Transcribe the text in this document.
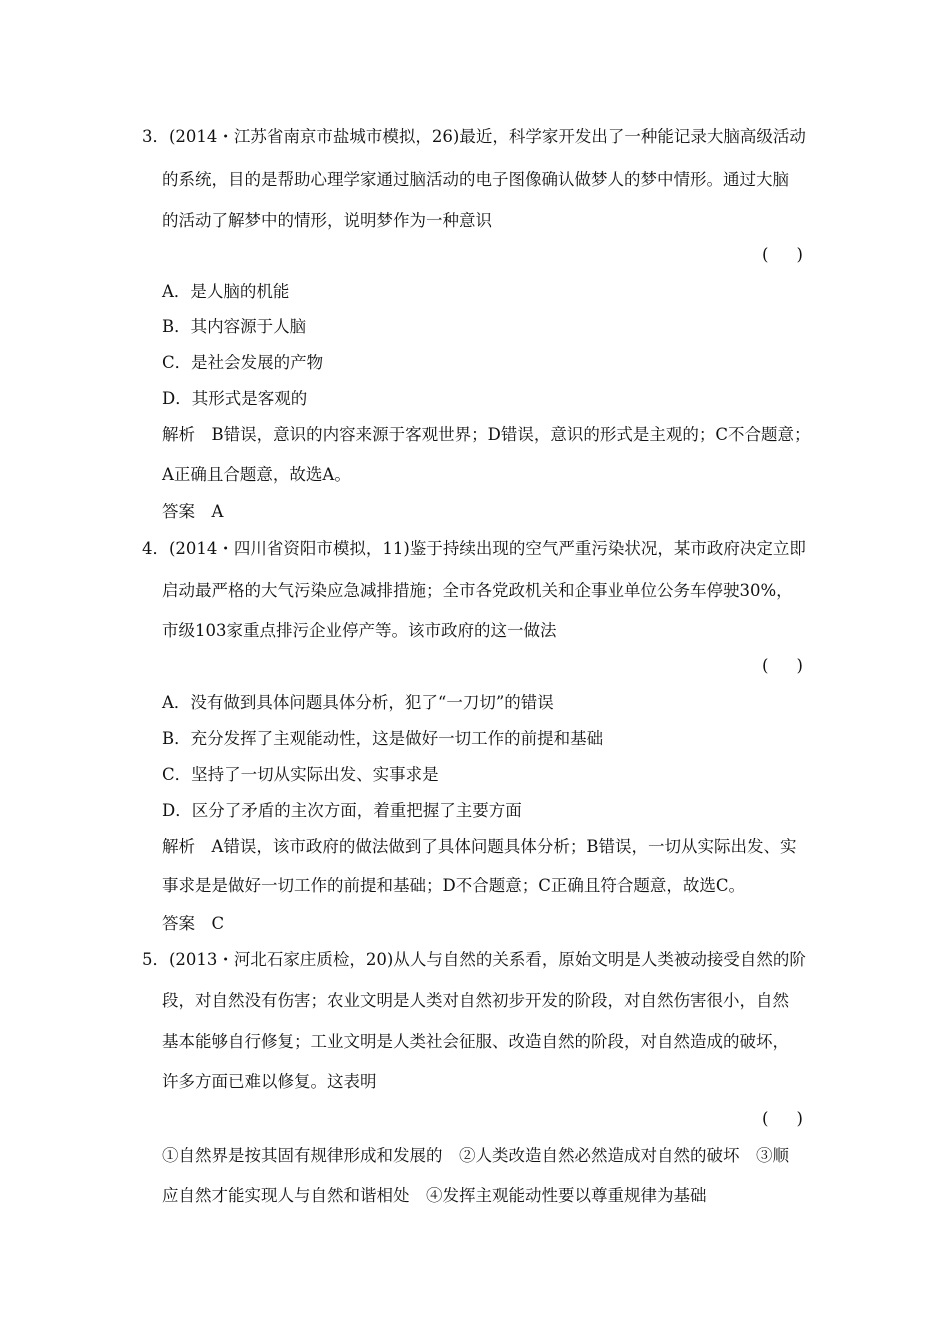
3．(2014・江苏省南京市盐城市模拟，26)最近，科学家开发出了一种能记录大脑高级活动
的系统，目的是帮助心理学家通过脑活动的电子图像确认做梦人的梦中情形。通过大脑
的活动了解梦中的情形，说明梦作为一种意识
( )
A．是人脑的机能
B．其内容源于人脑
C．是社会发展的产物
D．其形式是客观的
解析　B错误，意识的内容来源于客观世界；D错误，意识的形式是主观的；C不合题意；
A正确且合题意，故选A。
答案　A
4．(2014・四川省资阳市模拟，11)鉴于持续出现的空气严重污染状况，某市政府决定立即
启动最严格的大气污染应急减排措施；全市各党政机关和企事业单位公务车停驶30%，
市级103家重点排污企业停产等。该市政府的这一做法
( )
A．没有做到具体问题具体分析，犯了“一刀切”的错误
B．充分发挥了主观能动性，这是做好一切工作的前提和基础
C．坚持了一切从实际出发、实事求是
D．区分了矛盾的主次方面，着重把握了主要方面
解析　A错误，该市政府的做法做到了具体问题具体分析；B错误，一切从实际出发、实
事求是是做好一切工作的前提和基础；D不合题意；C正确且符合题意，故选C。
答案　C
5．(2013・河北石家庄质检，20)从人与自然的关系看，原始文明是人类被动接受自然的阶
段，对自然没有伤害；农业文明是人类对自然初步开发的阶段，对自然伤害很小，自然
基本能够自行修复；工业文明是人类社会征服、改造自然的阶段，对自然造成的破坏，
许多方面已难以修复。这表明
( )
①自然界是按其固有规律形成和发展的　②人类改造自然必然造成对自然的破坏　③顺
应自然才能实现人与自然和谐相处　④发挥主观能动性要以尊重规律为基础
